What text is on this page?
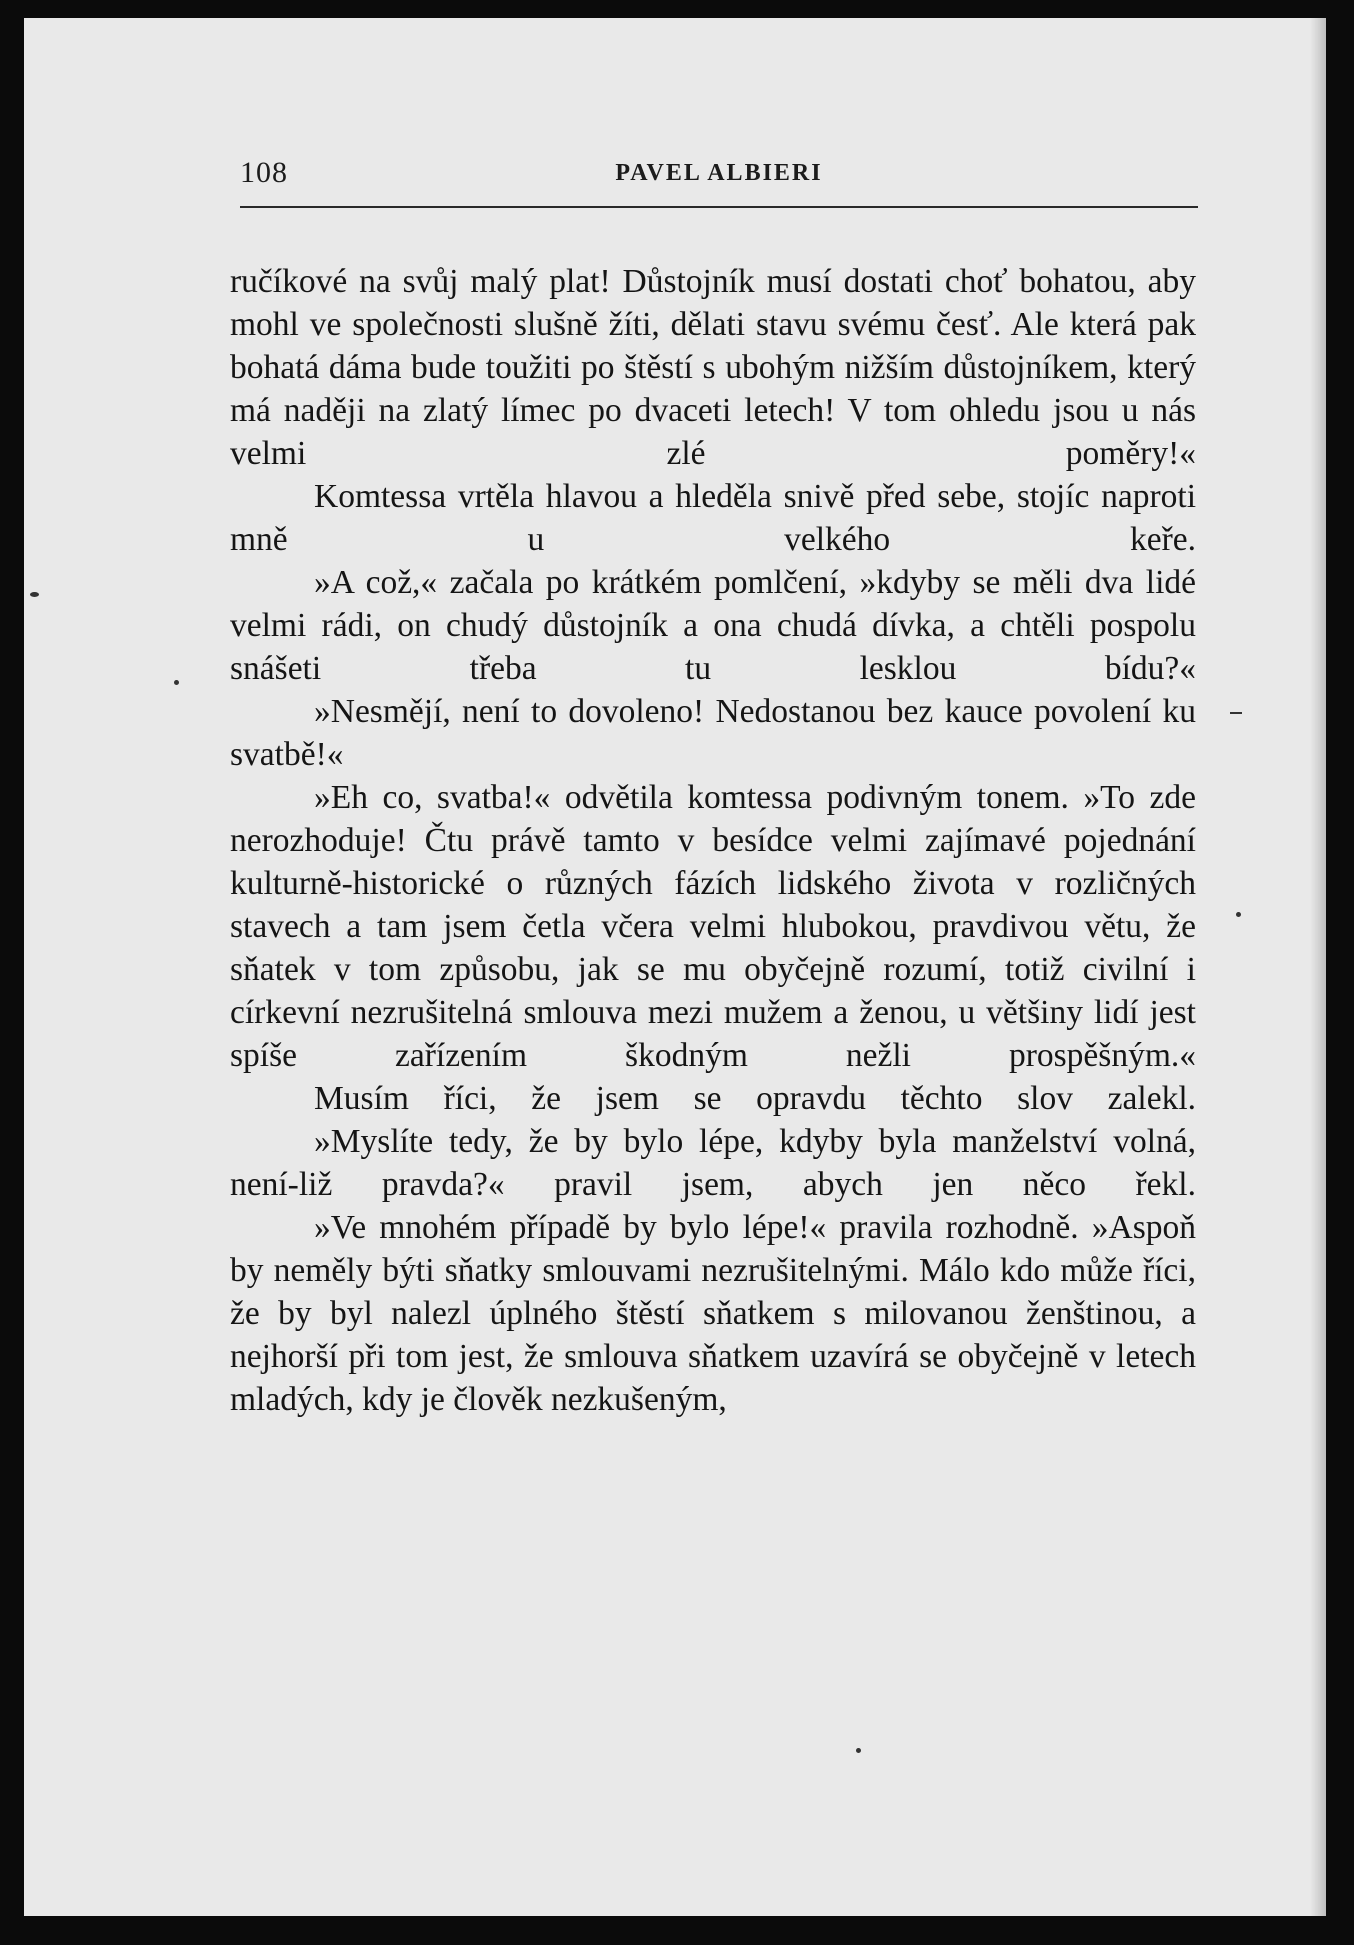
108	PAVEL ALBIERI

ručíkové na svůj malý plat! Důstojník musí dostati choť bohatou, aby mohl ve společnosti slušně žíti, dělati stavu svému česť. Ale která pak bohatá dáma bude toužiti po štěstí s ubohým nižším důstojníkem, který má naději na zlatý límec po dvaceti letech! V tom ohledu jsou u nás velmi zlé poměry!«

Komtessa vrtěla hlavou a hleděla snivě před sebe, stojíc naproti mně u velkého keře.

»A což,« začala po krátkém pomlčení, »kdyby se měli dva lidé velmi rádi, on chudý důstojník a ona chudá dívka, a chtěli pospolu snášeti třeba tu lesklou bídu?«

»Nesmějí, není to dovoleno! Nedostanou bez kauce povolení ku svatbě!«

»Eh co, svatba!« odvětila komtessa podivným tonem. »To zde nerozhoduje! Čtu právě tamto v besídce velmi zajímavé pojednání kulturně-historické o různých fázích lidského života v rozličných stavech a tam jsem četla včera velmi hlubokou, pravdivou větu, že sňatek v tom způsobu, jak se mu obyčejně rozumí, totiž civilní i církevní nezrušitelná smlouva mezi mužem a ženou, u většiny lidí jest spíše zařízením škodným nežli prospěšným.«

Musím říci, že jsem se opravdu těchto slov zalekl.

»Myslíte tedy, že by bylo lépe, kdyby byla manželství volná, není-liž pravda?« pravil jsem, abych jen něco řekl.

»Ve mnohém případě by bylo lépe!« pravila rozhodně. »Aspoň by neměly býti sňatky smlouvami nezrušitelnými. Málo kdo může říci, že by byl nalezl úplného štěstí sňatkem s milovanou ženštinou, a nejhorší při tom jest, že smlouva sňatkem uzavírá se obyčejně v letech mladých, kdy je člověk nezkušeným,
